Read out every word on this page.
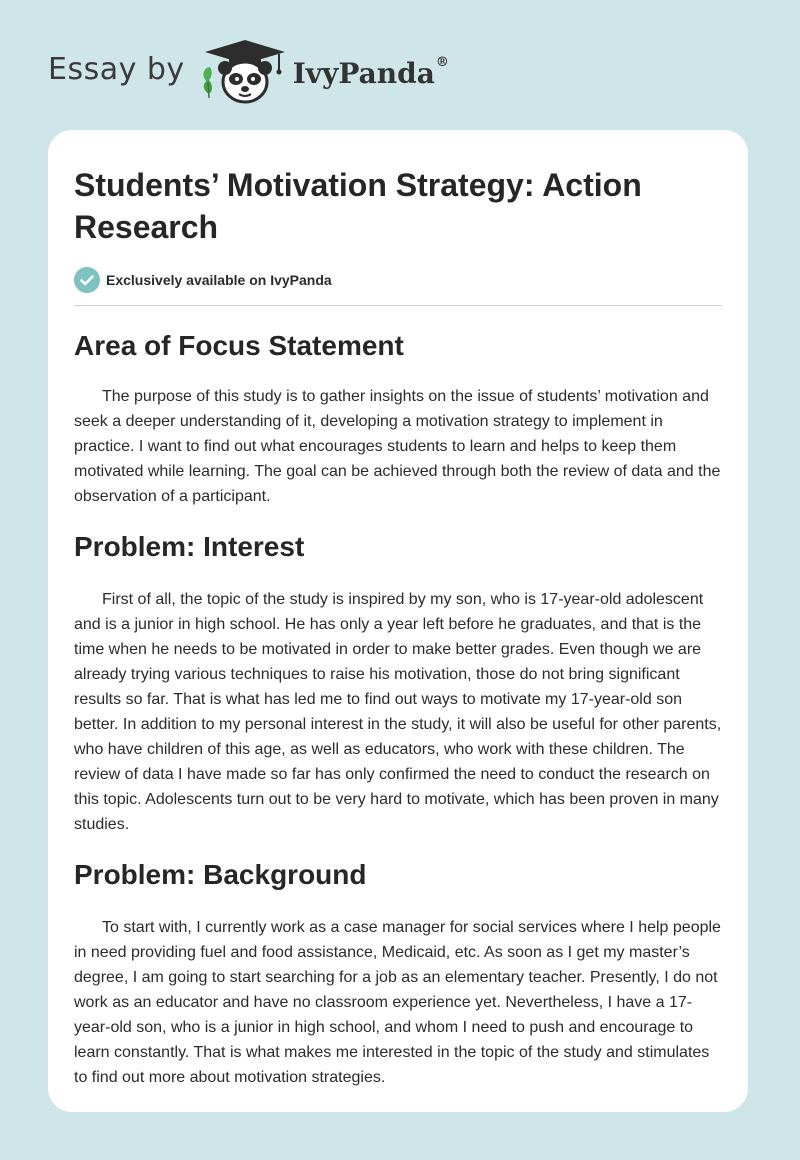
Essay by	IvyPanda®
Students’ Motivation Strategy: Action Research
Exclusively available on IvyPanda
Area of Focus Statement

The purpose of this study is to gather insights on the issue of students’ motivation and seek a deeper understanding of it, developing a motivation strategy to implement in practice. I want to find out what encourages students to learn and helps to keep them motivated while learning. The goal can be achieved through both the review of data and the observation of a participant.

Problem: Interest

First of all, the topic of the study is inspired by my son, who is 17-year-old adolescent and is a junior in high school. He has only a year left before he graduates, and that is the time when he needs to be motivated in order to make better grades. Even though we are already trying various techniques to raise his motivation, those do not bring significant results so far. That is what has led me to find out ways to motivate my 17-year-old son better. In addition to my personal interest in the study, it will also be useful for other parents, who have children of this age, as well as educators, who work with these children. The review of data I have made so far has only confirmed the need to conduct the research on this topic. Adolescents turn out to be very hard to motivate, which has been proven in many studies.

Problem: Background

To start with, I currently work as a case manager for social services where I help people in need providing fuel and food assistance, Medicaid, etc. As soon as I get my master’s degree, I am going to start searching for a job as an elementary teacher. Presently, I do not work as an educator and have no classroom experience yet. Nevertheless, I have a 17-year-old son, who is a junior in high school, and whom I need to push and encourage to learn constantly. That is what makes me interested in the topic of the study and stimulates to find out more about motivation strategies.
